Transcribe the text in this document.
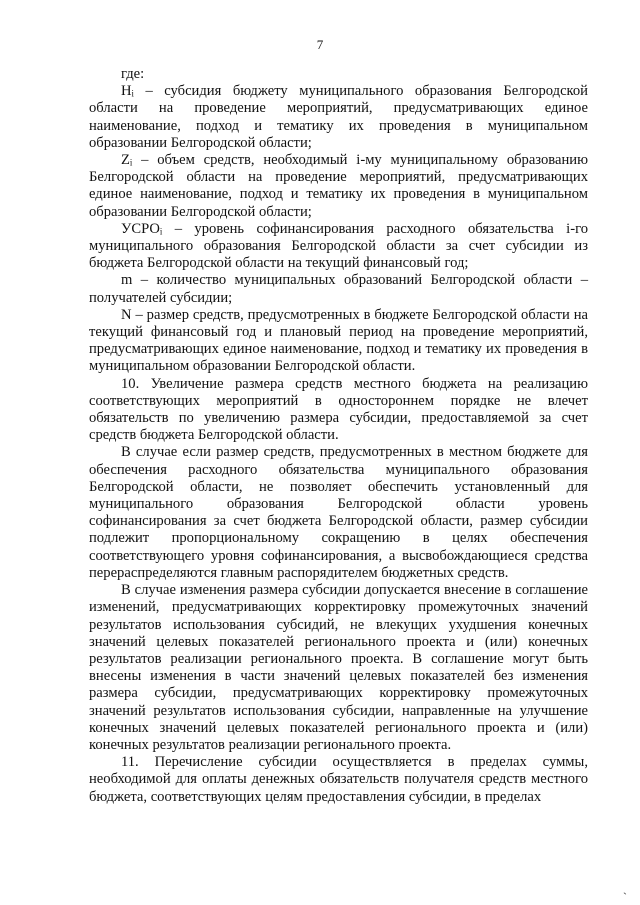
7

где:

Hᵢ – субсидия бюджету муниципального образования Белгородской области на проведение мероприятий, предусматривающих единое наименование, подход и тематику их проведения в муниципальном образовании Белгородской области;

Zᵢ – объем средств, необходимый i-му муниципальному образованию Белгородской области на проведение мероприятий, предусматривающих единое наименование, подход и тематику их проведения в муниципальном образовании Белгородской области;

УСРОᵢ – уровень софинансирования расходного обязательства i-го муниципального образования Белгородской области за счет субсидии из бюджета Белгородской области на текущий финансовый год;

m – количество муниципальных образований Белгородской области – получателей субсидии;

N – размер средств, предусмотренных в бюджете Белгородской области на текущий финансовый год и плановый период на проведение мероприятий, предусматривающих единое наименование, подход и тематику их проведения в муниципальном образовании Белгородской области.

10. Увеличение размера средств местного бюджета на реализацию соответствующих мероприятий в одностороннем порядке не влечет обязательств по увеличению размера субсидии, предоставляемой за счет средств бюджета Белгородской области.

В случае если размер средств, предусмотренных в местном бюджете для обеспечения расходного обязательства муниципального образования Белгородской области, не позволяет обеспечить установленный для муниципального образования Белгородской области уровень софинансирования за счет бюджета Белгородской области, размер субсидии подлежит пропорциональному сокращению в целях обеспечения соответствующего уровня софинансирования, а высвобождающиеся средства перераспределяются главным распорядителем бюджетных средств.

В случае изменения размера субсидии допускается внесение в соглашение изменений, предусматривающих корректировку промежуточных значений результатов использования субсидий, не влекущих ухудшения конечных значений целевых показателей регионального проекта и (или) конечных результатов реализации регионального проекта. В соглашение могут быть внесены изменения в части значений целевых показателей без изменения размера субсидии, предусматривающих корректировку промежуточных значений результатов использования субсидии, направленные на улучшение конечных значений целевых показателей регионального проекта и (или) конечных результатов реализации регионального проекта.

11. Перечисление субсидии осуществляется в пределах суммы, необходимой для оплаты денежных обязательств получателя средств местного бюджета, соответствующих целям предоставления субсидии, в пределах

ˎ
